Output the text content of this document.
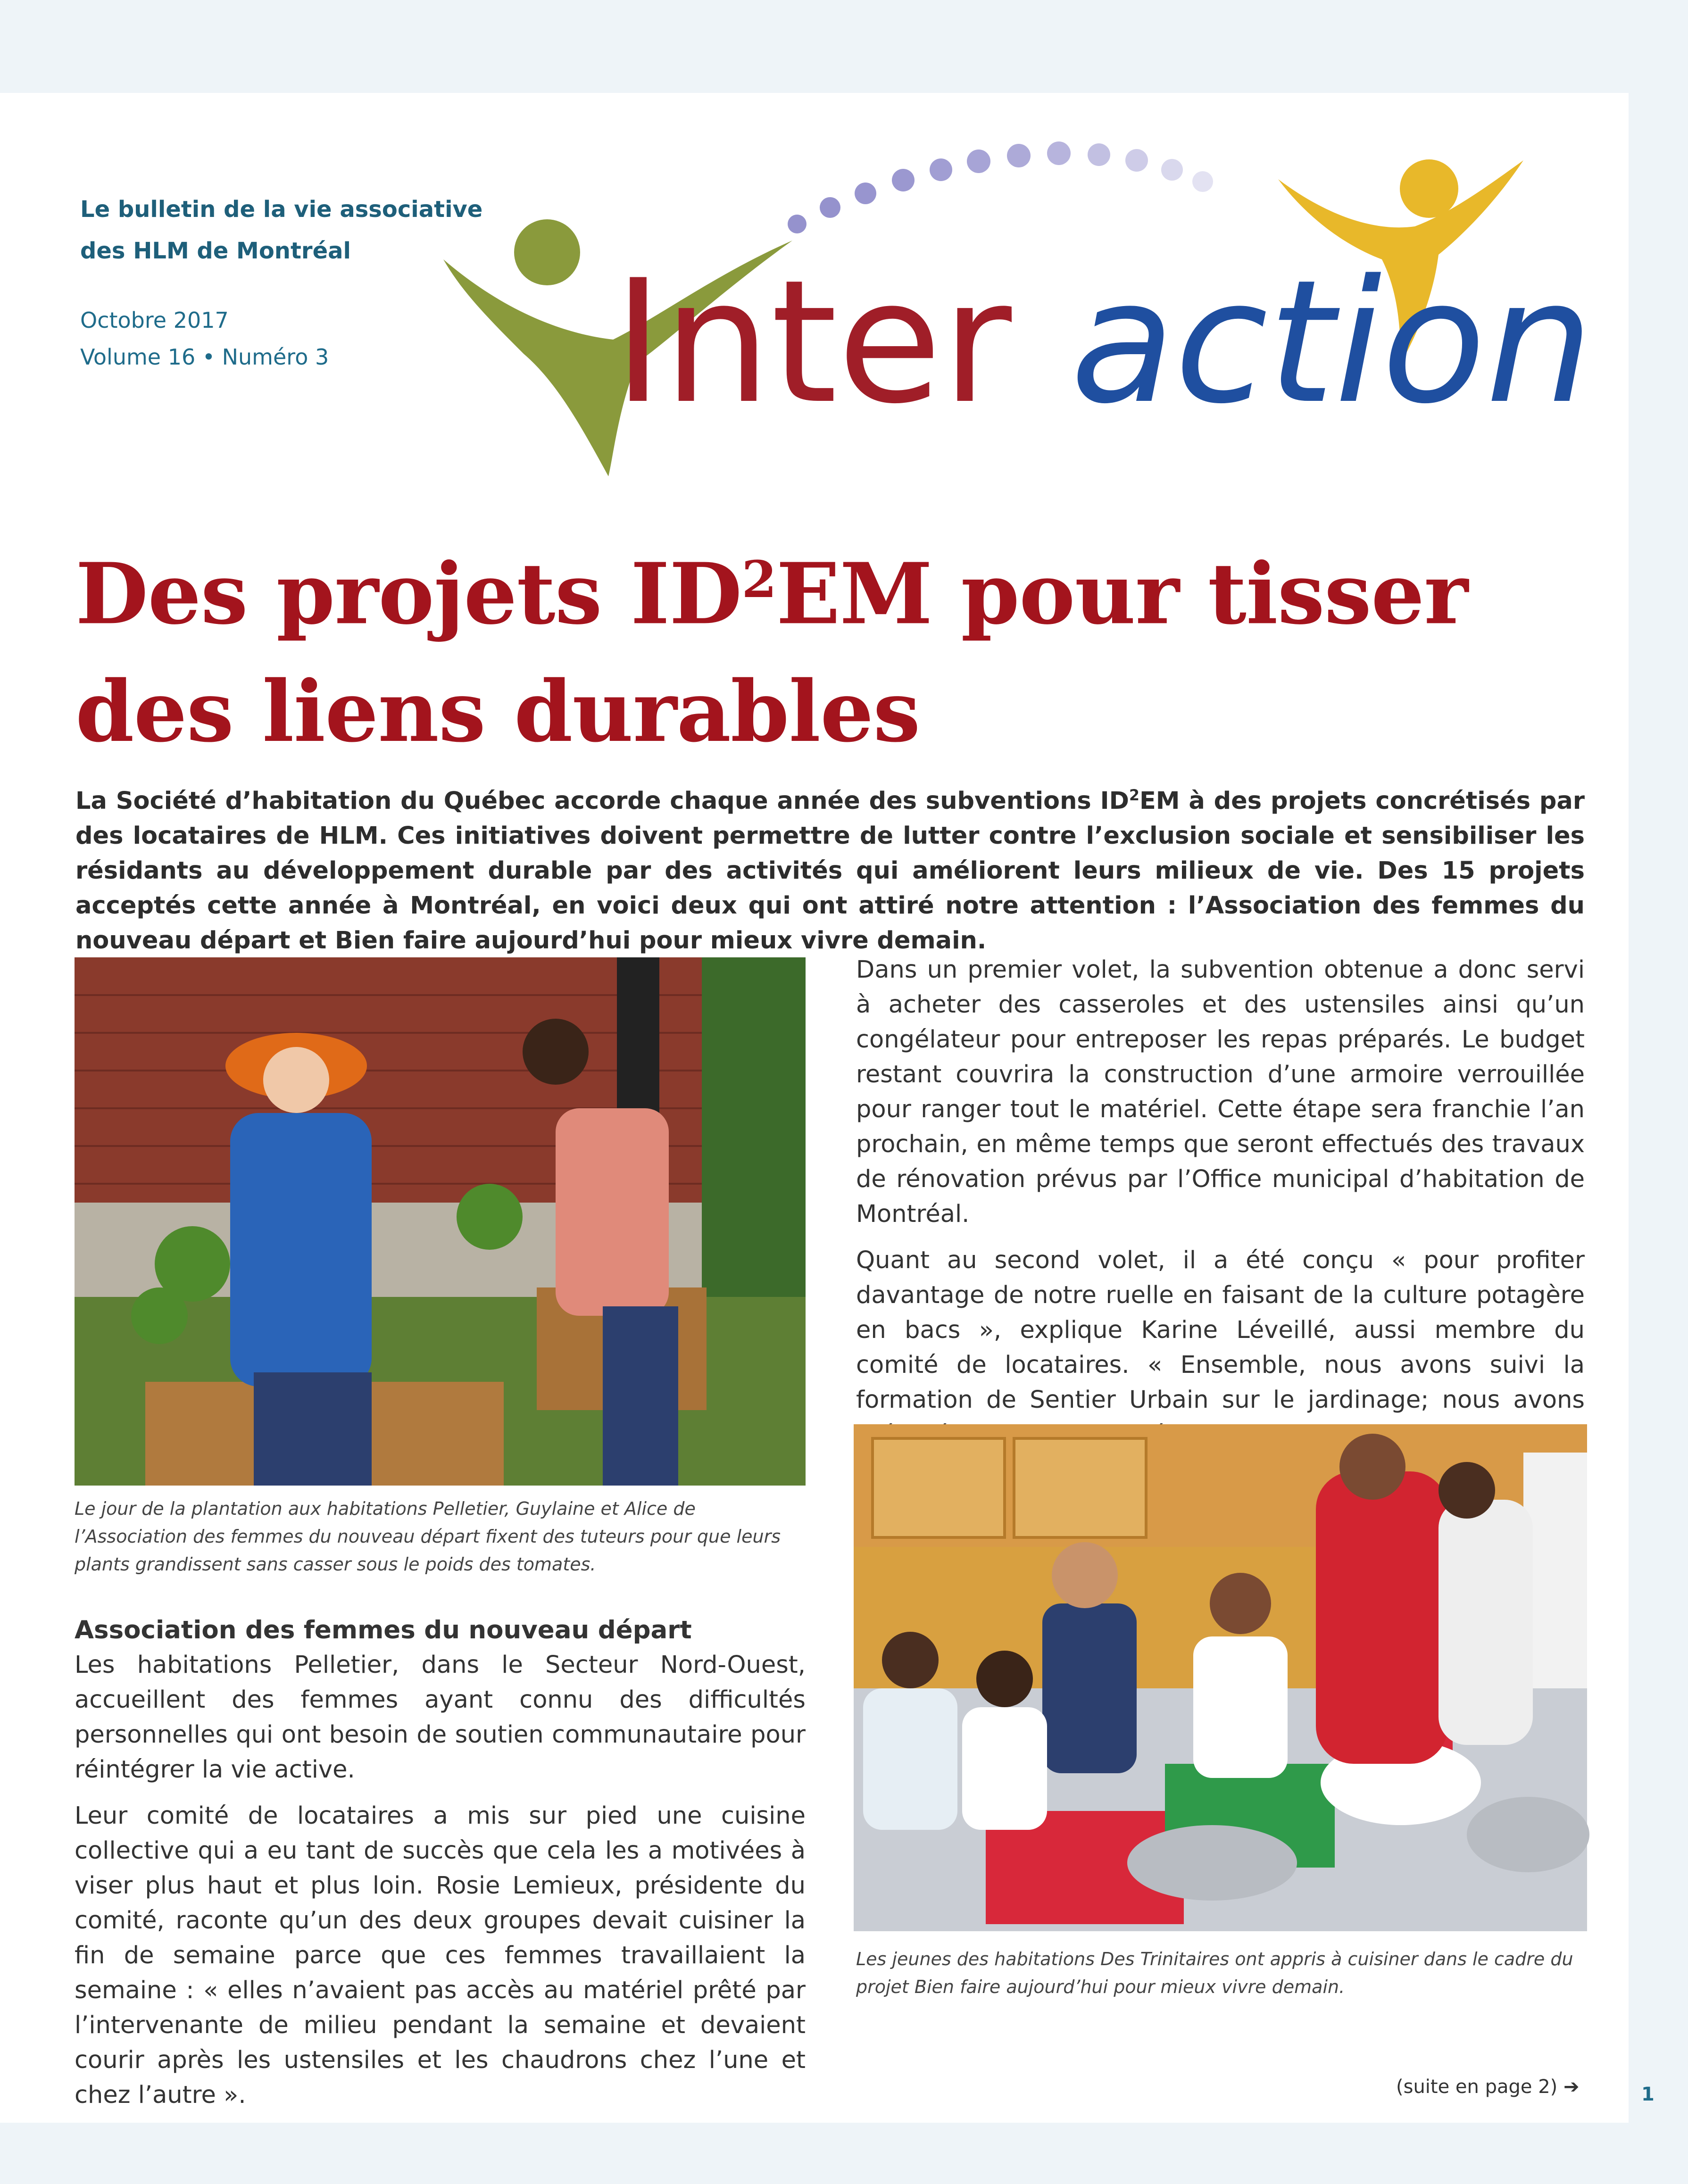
Le bulletin de la vie associative
des HLM de Montréal
Octobre 2017
Volume 16 • Numéro 3	Inter action
Des projets $ID^2EM$ pour tisser
des liens durables
La Société d’habitation du Québec accorde chaque année des subventions $ID^2EM$ à des projets concrétisés par des locataires de HLM. Ces initiatives doivent permettre de lutter contre l’exclusion sociale et sensibiliser les résidants au développement durable par des activités qui améliorent leurs milieux de vie. Des 15 projets acceptés cette année à Montréal, en voici deux qui ont attiré notre attention : l’Association des femmes du nouveau départ et Bien faire aujourd’hui pour mieux vivre demain.
Le jour de la plantation aux habitations Pelletier, Guylaine et Alice de l’Association des femmes du nouveau départ fixent des tuteurs pour que leurs plants grandissent sans casser sous le poids des tomates.
Association des femmes du nouveau départ

Les habitations Pelletier, dans le Secteur Nord-Ouest, accueillent des femmes ayant connu des difficultés personnelles qui ont besoin de soutien communautaire pour réintégrer la vie active.

Leur comité de locataires a mis sur pied une cuisine collective qui a eu tant de succès que cela les a motivées à viser plus haut et plus loin. Rosie Lemieux, présidente du comité, raconte qu’un des deux groupes devait cuisiner la fin de semaine parce que ces femmes travaillaient la semaine : « elles n’avaient pas accès au matériel prêté par l’intervenante de milieu pendant la semaine et devaient courir après les ustensiles et les chaudrons chez l’une et chez l’autre ».

Dans un premier volet, la subvention obtenue a donc servi à acheter des casseroles et des ustensiles ainsi qu’un congélateur pour entreposer les repas préparés. Le budget restant couvrira la construction d’une armoire verrouillée pour ranger tout le matériel. Cette étape sera franchie l’an prochain, en même temps que seront effectués des travaux de rénovation prévus par l’Office municipal d’habitation de Montréal.

Quant au second volet, il a été conçu « pour profiter davantage de notre ruelle en faisant de la culture potagère en bacs », explique Karine Léveillé, aussi membre du comité de locataires. « Ensemble, nous avons suivi la formation de Sentier Urbain sur le jardinage; nous avons

Les jeunes des habitations Des Trinitaires ont appris à cuisiner dans le cadre du projet Bien faire aujourd’hui pour mieux vivre demain.
(suite en page 2) ➔	1
